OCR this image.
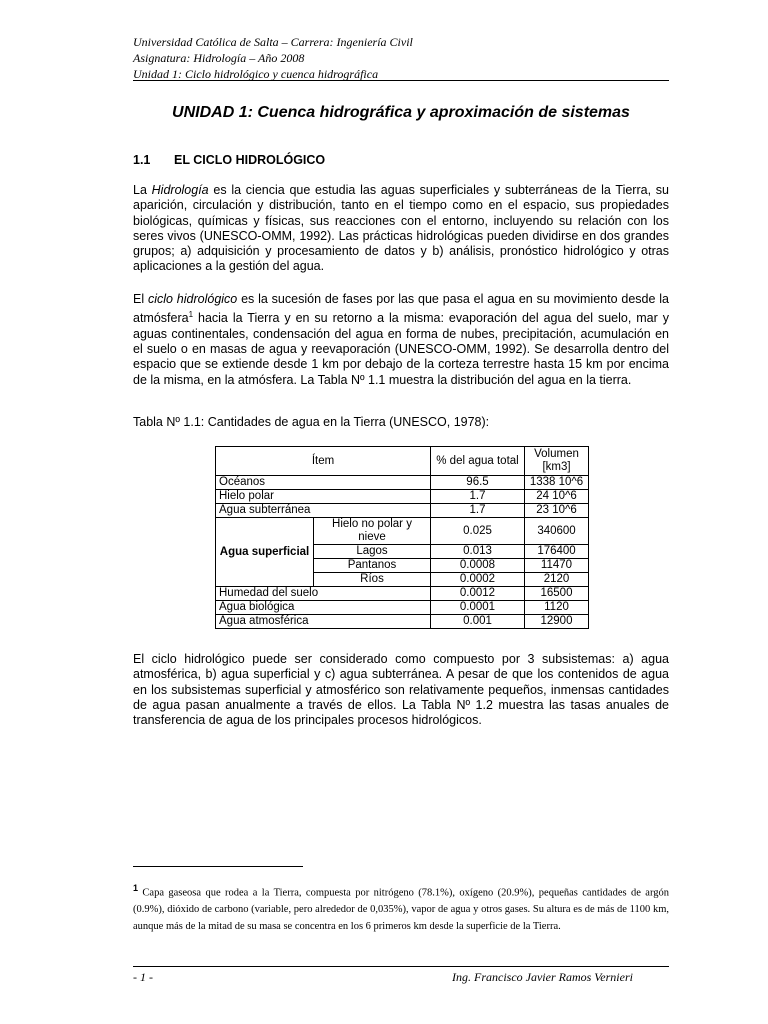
Universidad Católica de Salta – Carrera: Ingeniería Civil
Asignatura: Hidrología – Año 2008
Unidad 1: Ciclo hidrológico y cuenca hidrográfica
UNIDAD 1: Cuenca hidrográfica y aproximación de sistemas
1.1 EL CICLO HIDROLÓGICO
La Hidrología es la ciencia que estudia las aguas superficiales y subterráneas de la Tierra, su aparición, circulación y distribución, tanto en el tiempo como en el espacio, sus propiedades biológicas, químicas y físicas, sus reacciones con el entorno, incluyendo su relación con los seres vivos (UNESCO-OMM, 1992). Las prácticas hidrológicas pueden dividirse en dos grandes grupos; a) adquisición y procesamiento de datos y b) análisis, pronóstico hidrológico y otras aplicaciones a la gestión del agua.
El ciclo hidrológico es la sucesión de fases por las que pasa el agua en su movimiento desde la atmósfera$^1$ hacia la Tierra y en su retorno a la misma: evaporación del agua del suelo, mar y aguas continentales, condensación del agua en forma de nubes, precipitación, acumulación en el suelo o en masas de agua y reevaporación (UNESCO-OMM, 1992). Se desarrolla dentro del espacio que se extiende desde 1 km por debajo de la corteza terrestre hasta 15 km por encima de la misma, en la atmósfera. La Tabla Nº 1.1 muestra la distribución del agua en la tierra.
Tabla Nº 1.1: Cantidades de agua en la Tierra (UNESCO, 1978):
Ítem		% del agua total	Volumen [km3]
Océanos		96.5	1338 10^6
Hielo polar		1.7	24 10^6
Agua subterránea		1.7	23 10^6
Agua superficial	Hielo no polar y nieve	0.025	340600
	Lagos	0.013	176400
	Pantanos	0.0008	11470
	Ríos	0.0002	2120
Humedad del suelo		0.0012	16500
Agua biológica		0.0001	1120
Agua atmosférica		0.001	12900
El ciclo hidrológico puede ser considerado como compuesto por 3 subsistemas: a) agua atmosférica, b) agua superficial y c) agua subterránea. A pesar de que los contenidos de agua en los subsistemas superficial y atmosférico son relativamente pequeños, inmensas cantidades de agua pasan anualmente a través de ellos. La Tabla Nº 1.2 muestra las tasas anuales de transferencia de agua de los principales procesos hidrológicos.
$^1$ Capa gaseosa que rodea a la Tierra, compuesta por nitrógeno (78.1%), oxígeno (20.9%), pequeñas cantidades de argón (0.9%), dióxido de carbono (variable, pero alrededor de 0,035%), vapor de agua y otros gases. Su altura es de más de 1100 km, aunque más de la mitad de su masa se concentra en los 6 primeros km desde la superficie de la Tierra.
- 1 -	Ing. Francisco Javier Ramos Vernieri
